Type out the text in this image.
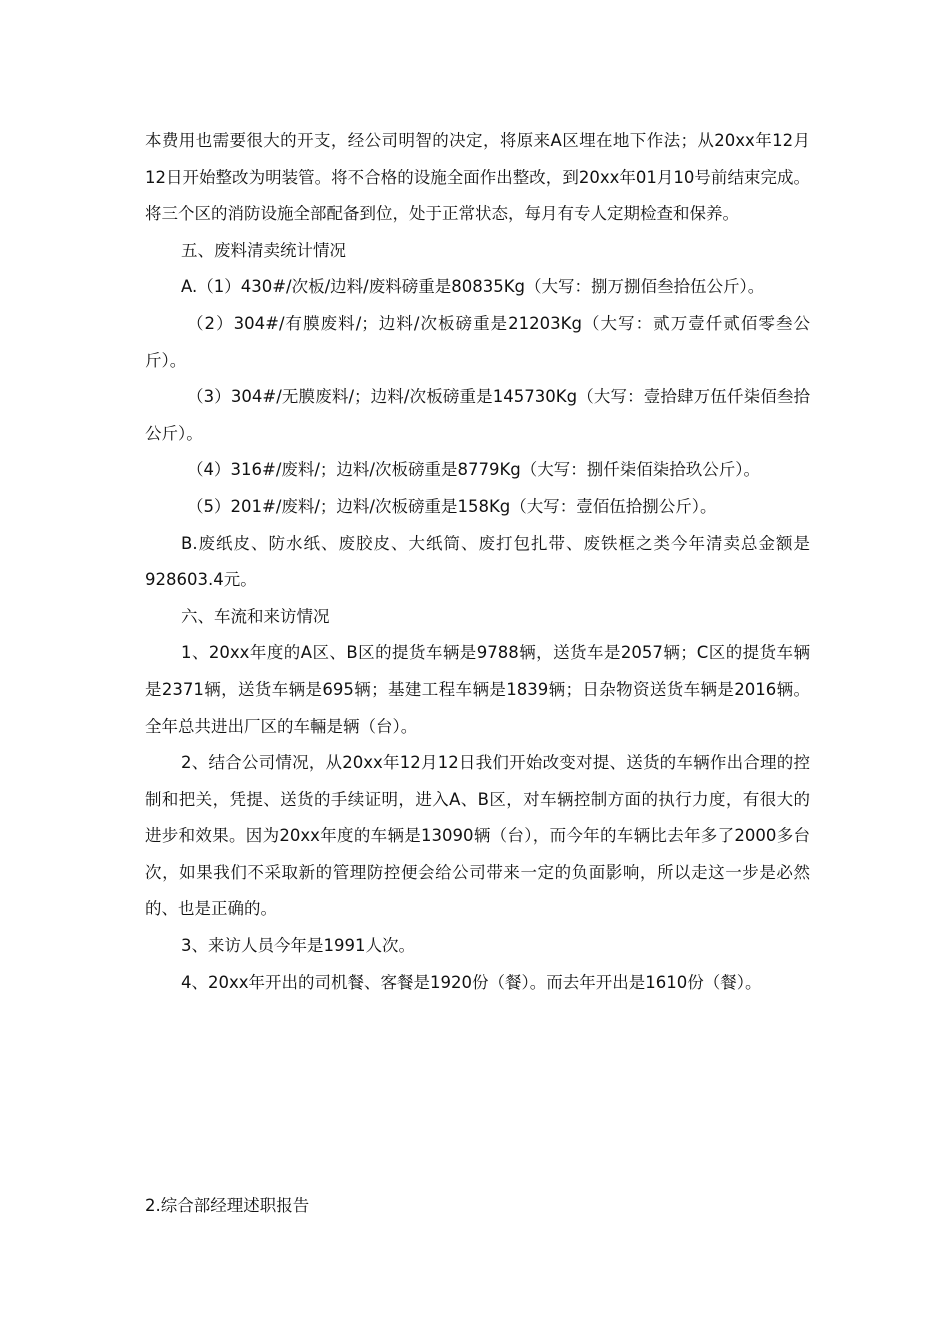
本费用也需要很大的开支，经公司明智的决定，将原来A区埋在地下作法；从20xx年12月12日开始整改为明装管。将不合格的设施全面作出整改，到20xx年01月10号前结束完成。将三个区的消防设施全部配备到位，处于正常状态，每月有专人定期检查和保养。

五、废料清卖统计情况

A.（1）430#/次板/边料/废料磅重是80835Kg（大写：捌万捌佰叁拾伍公斤）。

（2）304#/有膜废料/；边料/次板磅重是21203Kg（大写：贰万壹仟贰佰零叁公斤）。

（3）304#/无膜废料/；边料/次板磅重是145730Kg（大写：壹拾肆万伍仟柒佰叁拾公斤）。

（4）316#/废料/；边料/次板磅重是8779Kg（大写：捌仟柒佰柒拾玖公斤）。

（5）201#/废料/；边料/次板磅重是158Kg（大写：壹佰伍拾捌公斤）。

B.废纸皮、防水纸、废胶皮、大纸筒、废打包扎带、废铁框之类今年清卖总金额是928603.4元。

六、车流和来访情况

1、20xx年度的A区、B区的提货车辆是9788辆，送货车是2057辆；C区的提货车辆是2371辆，送货车辆是695辆；基建工程车辆是1839辆；日杂物资送货车辆是2016辆。全年总共进出厂区的车輛是辆（台）。

2、结合公司情况，从20xx年12月12日我们开始改变对提、送货的车辆作出合理的控制和把关，凭提、送货的手续证明，进入A、B区，对车辆控制方面的执行力度，有很大的进步和效果。因为20xx年度的车辆是13090辆（台），而今年的车辆比去年多了2000多台次，如果我们不采取新的管理防控便会给公司带来一定的负面影响，所以走这一步是必然的、也是正确的。

3、来访人员今年是1991人次。

4、20xx年开出的司机餐、客餐是1920份（餐）。而去年开出是1610份（餐）。

2.综合部经理述职报告
